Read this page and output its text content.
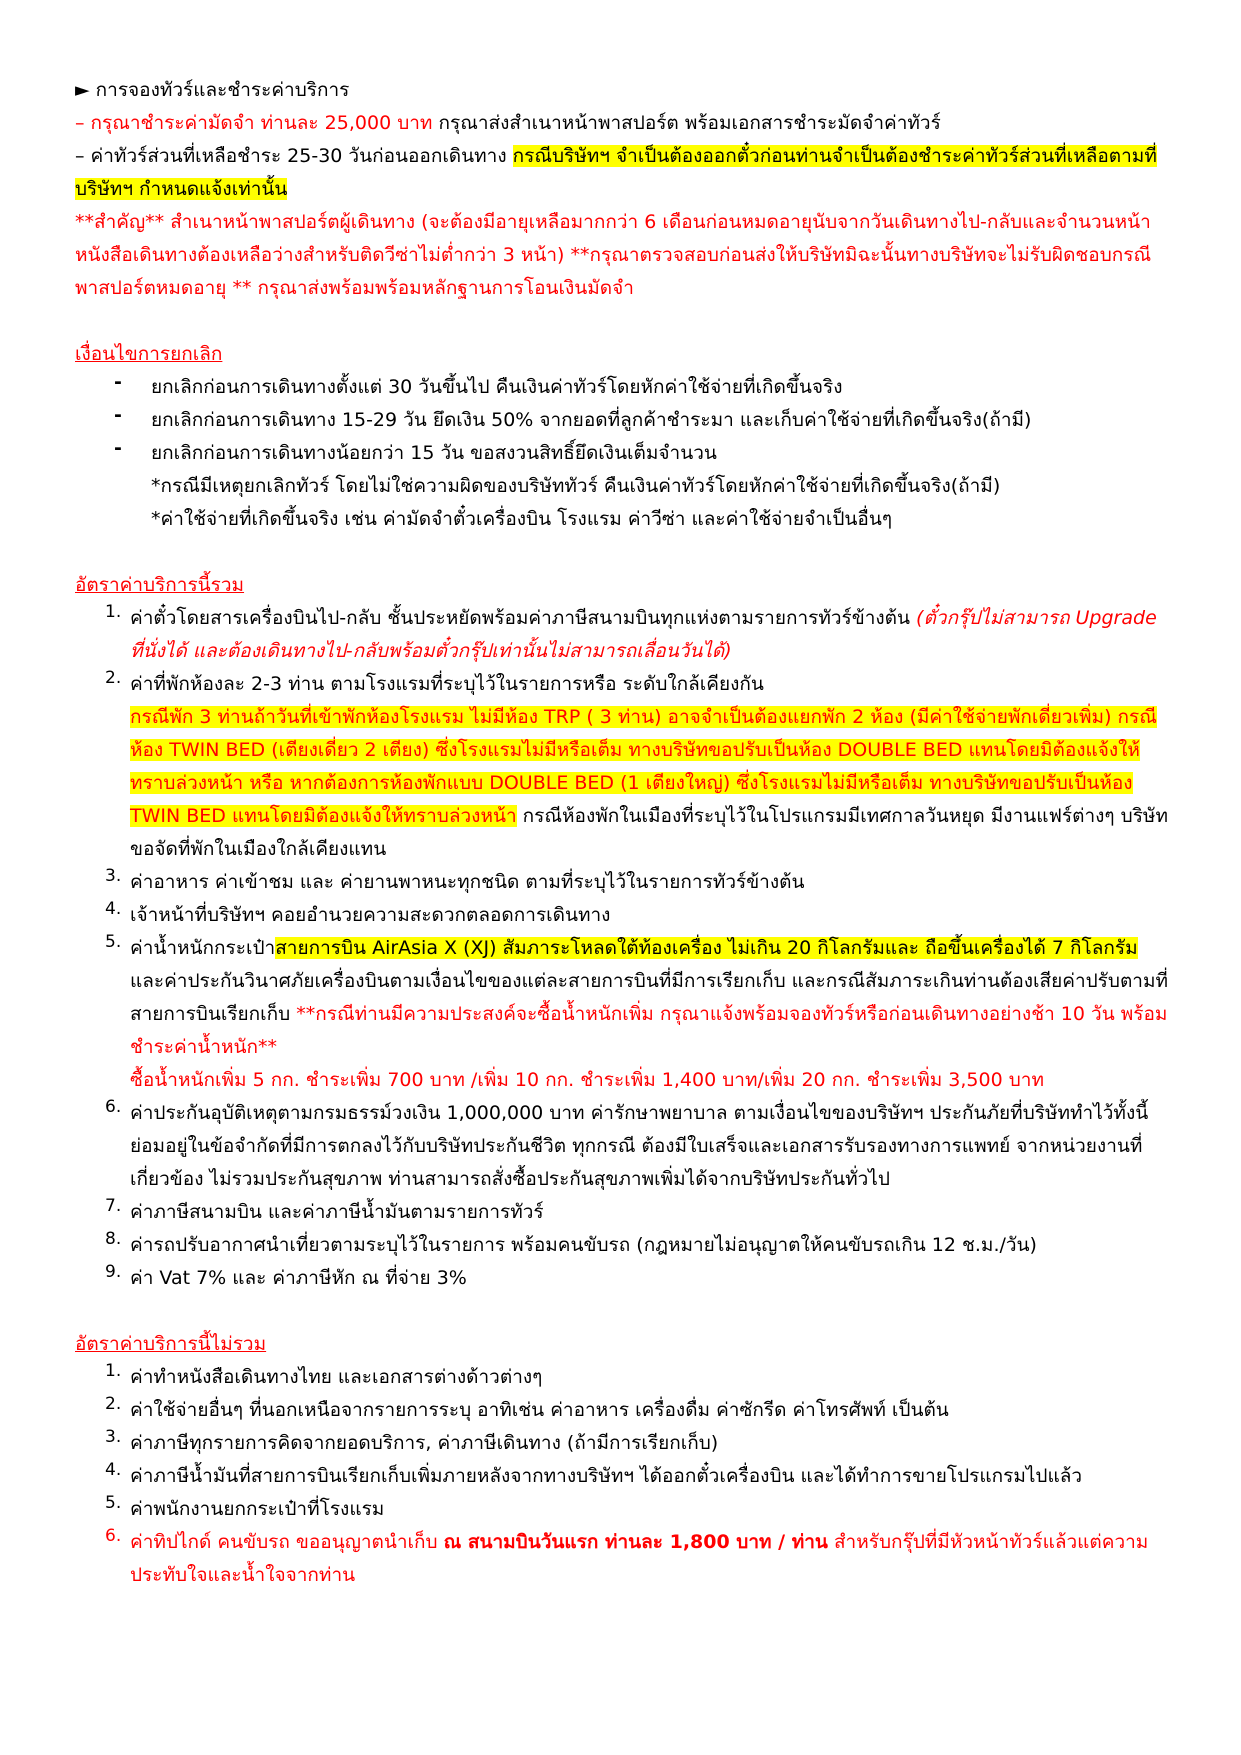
► การจองทัวร์และชำระค่าบริการ

– กรุณาชำระค่ามัดจำ ท่านละ 25,000 บาท กรุณาส่งสำเนาหน้าพาสปอร์ต พร้อมเอกสารชำระมัดจำค่าทัวร์

– ค่าทัวร์ส่วนที่เหลือชำระ 25-30 วันก่อนออกเดินทาง กรณีบริษัทฯ จำเป็นต้องออกตั๋วก่อนท่านจำเป็นต้องชำระค่าทัวร์ส่วนที่เหลือตามที่บริษัทฯ กำหนดแจ้งเท่านั้น

**สำคัญ** สำเนาหน้าพาสปอร์ตผู้เดินทาง (จะต้องมีอายุเหลือมากกว่า 6 เดือนก่อนหมดอายุนับจากวันเดินทางไป-กลับและจำนวนหน้าหนังสือเดินทางต้องเหลือว่างสำหรับติดวีซ่าไม่ต่ำกว่า 3 หน้า) **กรุณาตรวจสอบก่อนส่งให้บริษัทมิฉะนั้นทางบริษัทจะไม่รับผิดชอบกรณีพาสปอร์ตหมดอายุ ** กรุณาส่งพร้อมพร้อมหลักฐานการโอนเงินมัดจำ

เงื่อนไขการยกเลิก

-	ยกเลิกก่อนการเดินทางตั้งแต่ 30 วันขึ้นไป คืนเงินค่าทัวร์โดยหักค่าใช้จ่ายที่เกิดขึ้นจริง

-	ยกเลิกก่อนการเดินทาง 15-29 วัน ยึดเงิน 50% จากยอดที่ลูกค้าชำระมา และเก็บค่าใช้จ่ายที่เกิดขึ้นจริง(ถ้ามี)

-	ยกเลิกก่อนการเดินทางน้อยกว่า 15 วัน ขอสงวนสิทธิ์ยึดเงินเต็มจำนวน

*กรณีมีเหตุยกเลิกทัวร์ โดยไม่ใช่ความผิดของบริษัททัวร์ คืนเงินค่าทัวร์โดยหักค่าใช้จ่ายที่เกิดขึ้นจริง(ถ้ามี)

*ค่าใช้จ่ายที่เกิดขึ้นจริง เช่น ค่ามัดจำตั๋วเครื่องบิน โรงแรม ค่าวีซ่า และค่าใช้จ่ายจำเป็นอื่นๆ

อัตราค่าบริการนี้รวม

1. ค่าตั๋วโดยสารเครื่องบินไป-กลับ ชั้นประหยัดพร้อมค่าภาษีสนามบินทุกแห่งตามรายการทัวร์ข้างต้น (ตั๋วกรุ๊ปไม่สามารถ Upgrade ที่นั่งได้ และต้องเดินทางไป-กลับพร้อมตั๋วกรุ๊ปเท่านั้นไม่สามารถเลื่อนวันได้)

2. ค่าที่พักห้องละ 2-3 ท่าน ตามโรงแรมที่ระบุไว้ในรายการหรือ ระดับใกล้เคียงกัน

กรณีพัก 3 ท่านถ้าวันที่เข้าพักห้องโรงแรม ไม่มีห้อง TRP ( 3 ท่าน) อาจจำเป็นต้องแยกพัก 2 ห้อง (มีค่าใช้จ่ายพักเดี่ยวเพิ่ม) กรณีห้อง TWIN BED (เตียงเดี่ยว 2 เตียง) ซึ่งโรงแรมไม่มีหรือเต็ม ทางบริษัทขอปรับเป็นห้อง DOUBLE BED แทนโดยมิต้องแจ้งให้ทราบล่วงหน้า หรือ หากต้องการห้องพักแบบ DOUBLE BED (1 เตียงใหญ่) ซึ่งโรงแรมไม่มีหรือเต็ม ทางบริษัทขอปรับเป็นห้อง TWIN BED แทนโดยมิต้องแจ้งให้ทราบล่วงหน้า กรณีห้องพักในเมืองที่ระบุไว้ในโปรแกรมมีเทศกาลวันหยุด มีงานแฟร์ต่างๆ บริษัทขอจัดที่พักในเมืองใกล้เคียงแทน

3. ค่าอาหาร ค่าเข้าชม และ ค่ายานพาหนะทุกชนิด ตามที่ระบุไว้ในรายการทัวร์ข้างต้น

4. เจ้าหน้าที่บริษัทฯ คอยอำนวยความสะดวกตลอดการเดินทาง

5. ค่าน้ำหนักกระเป๋าสายการบิน AirAsia X (XJ) สัมภาระโหลดใต้ท้องเครื่อง ไม่เกิน 20 กิโลกรัมและ ถือขึ้นเครื่องได้ 7 กิโลกรัม และค่าประกันวินาศภัยเครื่องบินตามเงื่อนไขของแต่ละสายการบินที่มีการเรียกเก็บ และกรณีสัมภาระเกินท่านต้องเสียค่าปรับตามที่สายการบินเรียกเก็บ **กรณีท่านมีความประสงค์จะซื้อน้ำหนักเพิ่ม กรุณาแจ้งพร้อมจองทัวร์หรือก่อนเดินทางอย่างช้า 10 วัน พร้อมชำระค่าน้ำหนัก**

ซื้อน้ำหนักเพิ่ม 5 กก. ชำระเพิ่ม 700 บาท /เพิ่ม 10 กก. ชำระเพิ่ม 1,400 บาท/เพิ่ม 20 กก. ชำระเพิ่ม 3,500 บาท

6. ค่าประกันอุบัติเหตุตามกรมธรรม์วงเงิน 1,000,000 บาท ค่ารักษาพยาบาล ตามเงื่อนไขของบริษัทฯ ประกันภัยที่บริษัททำไว้ทั้งนี้ย่อมอยู่ในข้อจำกัดที่มีการตกลงไว้กับบริษัทประกันชีวิต ทุกกรณี ต้องมีใบเสร็จและเอกสารรับรองทางการแพทย์ จากหน่วยงานที่เกี่ยวข้อง ไม่รวมประกันสุขภาพ ท่านสามารถสั่งซื้อประกันสุขภาพเพิ่มได้จากบริษัทประกันทั่วไป

7. ค่าภาษีสนามบิน และค่าภาษีน้ำมันตามรายการทัวร์

8. ค่ารถปรับอากาศนำเที่ยวตามระบุไว้ในรายการ พร้อมคนขับรถ (กฎหมายไม่อนุญาตให้คนขับรถเกิน 12 ช.ม./วัน)

9. ค่า Vat 7% และ ค่าภาษีหัก ณ ที่จ่าย 3%

อัตราค่าบริการนี้ไม่รวม

1. ค่าทำหนังสือเดินทางไทย และเอกสารต่างด้าวต่างๆ

2. ค่าใช้จ่ายอื่นๆ ที่นอกเหนือจากรายการระบุ อาทิเช่น ค่าอาหาร เครื่องดื่ม ค่าซักรีด ค่าโทรศัพท์ เป็นต้น

3. ค่าภาษีทุกรายการคิดจากยอดบริการ, ค่าภาษีเดินทาง (ถ้ามีการเรียกเก็บ)

4. ค่าภาษีน้ำมันที่สายการบินเรียกเก็บเพิ่มภายหลังจากทางบริษัทฯ ได้ออกตั๋วเครื่องบิน และได้ทำการขายโปรแกรมไปแล้ว

5. ค่าพนักงานยกกระเป๋าที่โรงแรม

6. ค่าทิปไกด์ คนขับรถ ขออนุญาตนำเก็บ ณ สนามบินวันแรก ท่านละ 1,800 บาท / ท่าน สำหรับกรุ๊ปที่มีหัวหน้าทัวร์แล้วแต่ความประทับใจและน้ำใจจากท่าน
